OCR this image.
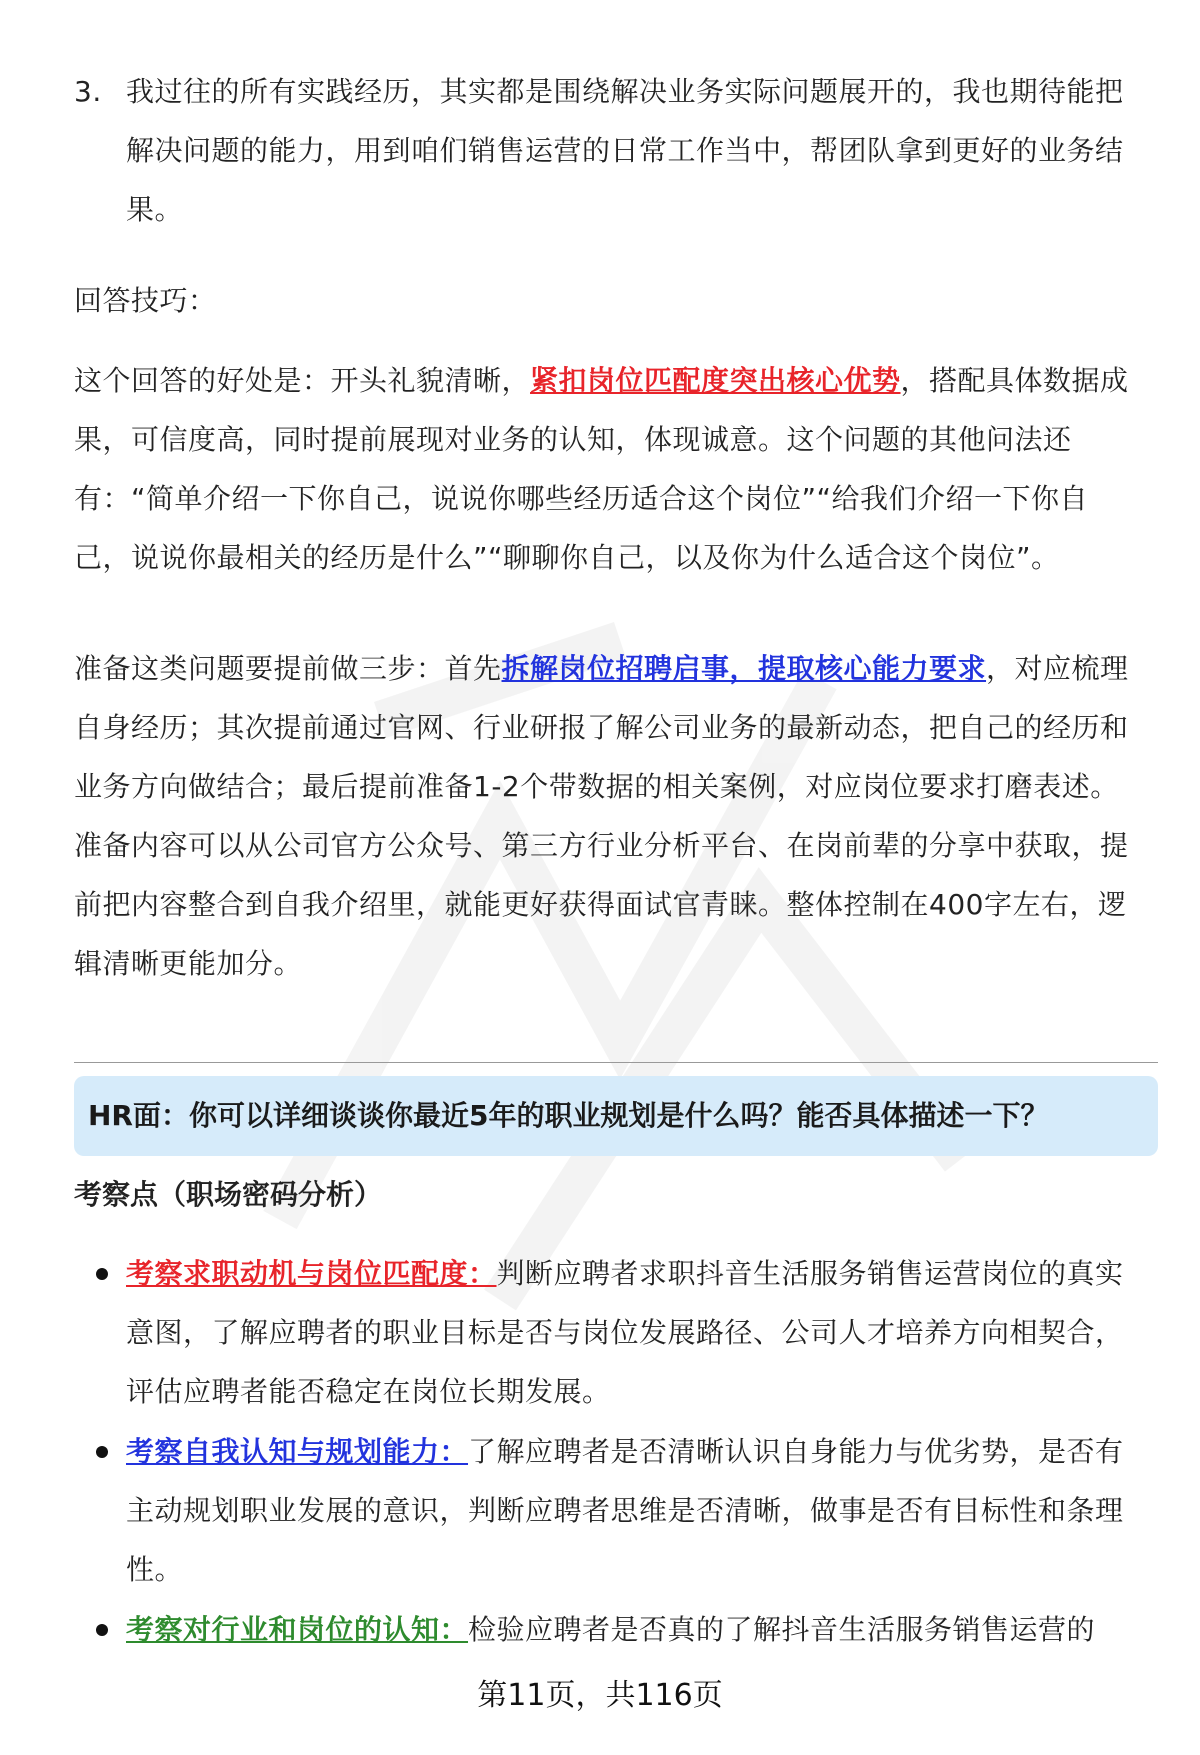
3. 我过往的所有实践经历，其实都是围绕解决业务实际问题展开的，我也期待能把解决问题的能力，用到咱们销售运营的日常工作当中，帮团队拿到更好的业务结果。

回答技巧：

这个回答的好处是：开头礼貌清晰，紧扣岗位匹配度突出核心优势，搭配具体数据成果，可信度高，同时提前展现对业务的认知，体现诚意。这个问题的其他问法还有：“简单介绍一下你自己，说说你哪些经历适合这个岗位”“给我们介绍一下你自己，说说你最相关的经历是什么”“聊聊你自己，以及你为什么适合这个岗位”。

准备这类问题要提前做三步：首先拆解岗位招聘启事，提取核心能力要求，对应梳理自身经历；其次提前通过官网、行业研报了解公司业务的最新动态，把自己的经历和业务方向做结合；最后提前准备1-2个带数据的相关案例，对应岗位要求打磨表述。准备内容可以从公司官方公众号、第三方行业分析平台、在岗前辈的分享中获取，提前把内容整合到自我介绍里，就能更好获得面试官青睐。整体控制在400字左右，逻辑清晰更能加分。

HR面：你可以详细谈谈你最近5年的职业规划是什么吗？能否具体描述一下？
考察点（职场密码分析）
考察求职动机与岗位匹配度：判断应聘者求职抖音生活服务销售运营岗位的真实意图，了解应聘者的职业目标是否与岗位发展路径、公司人才培养方向相契合，评估应聘者能否稳定在岗位长期发展。
考察自我认知与规划能力：了解应聘者是否清晰认识自身能力与优劣势，是否有主动规划职业发展的意识，判断应聘者思维是否清晰，做事是否有目标性和条理性。
考察对行业和岗位的认知：检验应聘者是否真的了解抖音生活服务销售运营的
第11页，共116页
